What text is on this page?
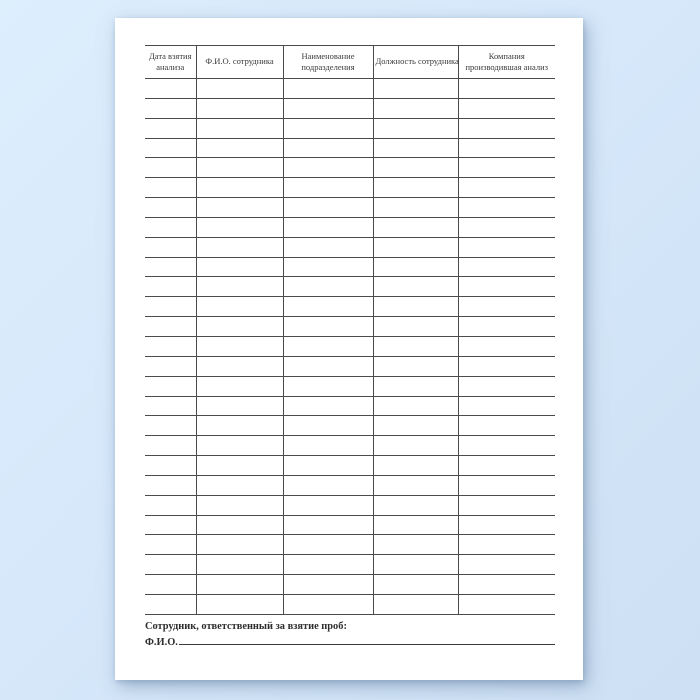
Дата взятия анализа	Ф.И.О. сотрудника	Наименование подразделения	Должность сотрудника	Компания производившая анализ

Сотрудник, ответственный за взятие проб:
Ф.И.О.
